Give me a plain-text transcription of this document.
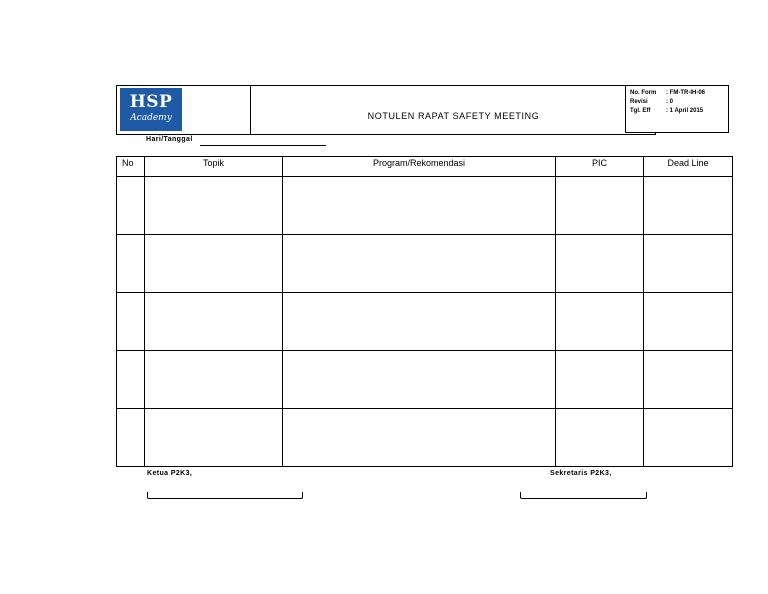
HSP
Academy	NOTULEN RAPAT SAFETY MEETING
No. Form	: FM-TR-IH-06
Revisi	: 0
Tgl. Eff	: 1 April 2015
Hari/Tanggal
No	Topik	Program/Rekomendasi	PIC	Dead Line

Ketua P2K3,	Sekretaris P2K3,
